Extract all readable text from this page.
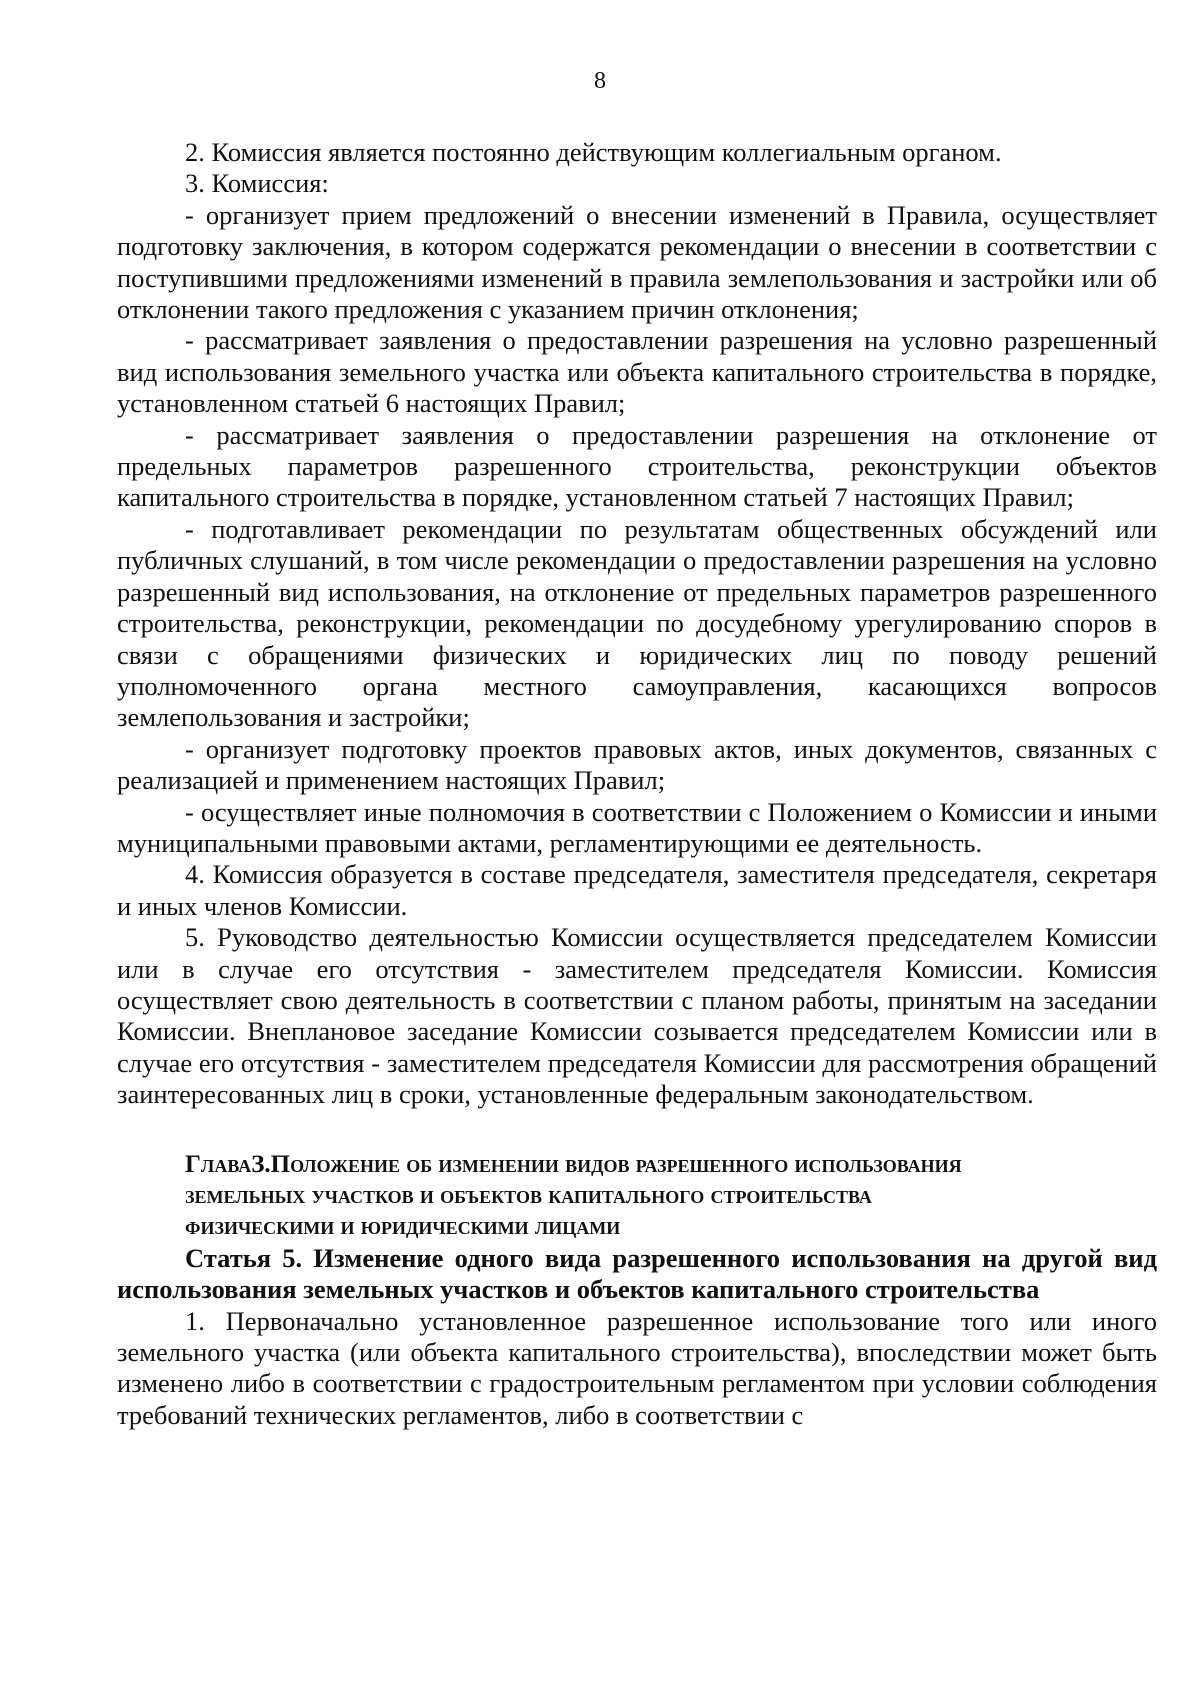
8

2. Комиссия является постоянно действующим коллегиальным органом.

3. Комиссия:

- организует прием предложений о внесении изменений в Правила, осуществляет подготовку заключения, в котором содержатся рекомендации о внесении в соответствии с поступившими предложениями изменений в правила землепользования и застройки или об отклонении такого предложения с указанием причин отклонения;

- рассматривает заявления о предоставлении разрешения на условно разрешенный вид использования земельного участка или объекта капитального строительства в порядке, установленном статьей 6 настоящих Правил;

- рассматривает заявления о предоставлении разрешения на отклонение от предельных параметров разрешенного строительства, реконструкции объектов капитального строительства в порядке, установленном статьей 7 настоящих Правил;

- подготавливает рекомендации по результатам общественных обсуждений или публичных слушаний, в том числе рекомендации о предоставлении разрешения на условно разрешенный вид использования, на отклонение от предельных параметров разрешенного строительства, реконструкции, рекомендации по досудебному урегулированию споров в связи с обращениями физических и юридических лиц по поводу решений уполномоченного органа местного самоуправления, касающихся вопросов землепользования и застройки;

- организует подготовку проектов правовых актов, иных документов, связанных с реализацией и применением настоящих Правил;

- осуществляет иные полномочия в соответствии с Положением о Комиссии и иными муниципальными правовыми актами, регламентирующими ее деятельность.

4. Комиссия образуется в составе председателя, заместителя председателя, секретаря и иных членов Комиссии.

5. Руководство деятельностью Комиссии осуществляется председателем Комиссии или в случае его отсутствия - заместителем председателя Комиссии. Комиссия осуществляет свою деятельность в соответствии с планом работы, принятым на заседании Комиссии. Внеплановое заседание Комиссии созывается председателем Комиссии или в случае его отсутствия - заместителем председателя Комиссии для рассмотрения обращений заинтересованных лиц в сроки, установленные федеральным законодательством.

ГлаваЗ.Положение об изменении видов разрешенного использования

земельных участков и объектов капитального строительства

физическими и юридическими лицами

Статья 5. Изменение одного вида разрешенного использования на другой вид использования земельных участков и объектов капитального строительства

1. Первоначально установленное разрешенное использование того или иного земельного участка (или объекта капитального строительства), впоследствии может быть изменено либо в соответствии с градостроительным регламентом при условии соблюдения требований технических регламентов, либо в соответствии с
